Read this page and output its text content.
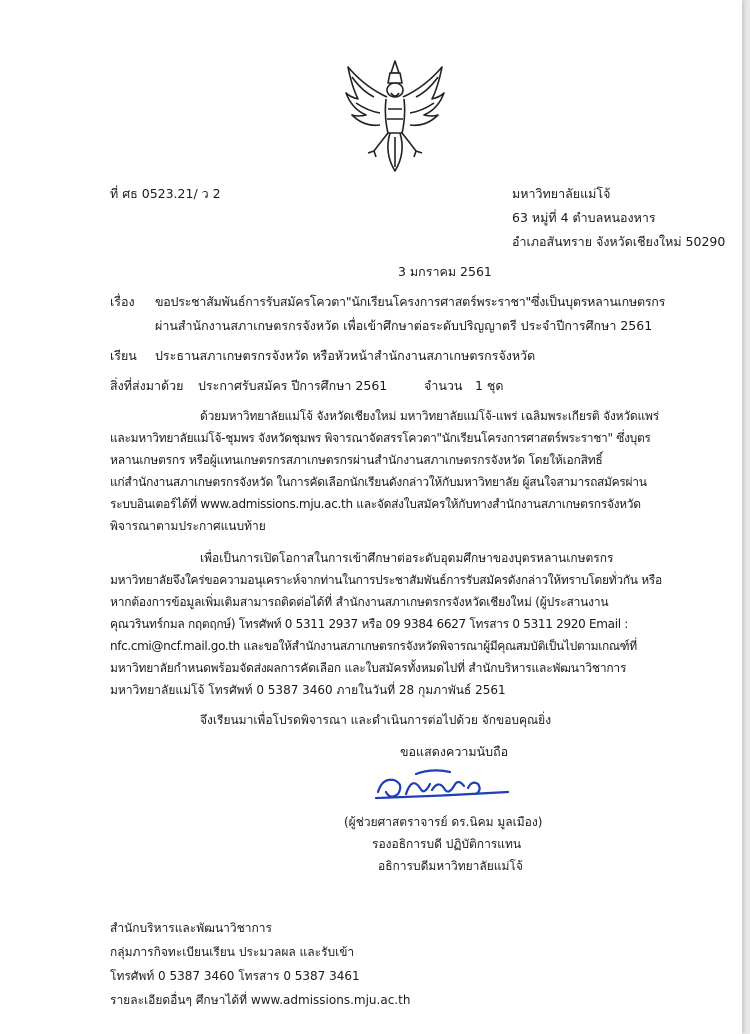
ที่ ศธ 0523.21/ ว 2	มหาวิทยาลัยแม่โจ้
63 หมู่ที่ 4 ตำบลหนองหาร
อำเภอสันทราย จังหวัดเชียงใหม่ 50290
3 มกราคม 2561
เรื่อง ขอประชาสัมพันธ์การรับสมัครโควตา"นักเรียนโครงการศาสตร์พระราชา"ซึ่งเป็นบุตรหลานเกษตรกร
ผ่านสำนักงานสภาเกษตรกรจังหวัด เพื่อเข้าศึกษาต่อระดับปริญญาตรี ประจำปีการศึกษา 2561
เรียน ประธานสภาเกษตรกรจังหวัด หรือหัวหน้าสำนักงานสภาเกษตรกรจังหวัด
สิ่งที่ส่งมาด้วย ประกาศรับสมัคร ปีการศึกษา 2561	จำนวน 1 ชุด
ด้วยมหาวิทยาลัยแม่โจ้ จังหวัดเชียงใหม่ มหาวิทยาลัยแม่โจ้-แพร่ เฉลิมพระเกียรติ จังหวัดแพร่
และมหาวิทยาลัยแม่โจ้-ชุมพร จังหวัดชุมพร พิจารณาจัดสรรโควตา"นักเรียนโครงการศาสตร์พระราชา" ซึ่งบุตร
หลานเกษตรกร หรือผู้แทนเกษตรกรสภาเกษตรกรผ่านสำนักงานสภาเกษตรกรจังหวัด โดยให้เอกสิทธิ์
แก่สำนักงานสภาเกษตรกรจังหวัด ในการคัดเลือกนักเรียนดังกล่าวให้กับมหาวิทยาลัย ผู้สนใจสามารถสมัครผ่าน
ระบบอินเตอร์ได้ที่ www.admissions.mju.ac.th และจัดส่งใบสมัครให้กับทางสำนักงานสภาเกษตรกรจังหวัด
พิจารณาตามประกาศแนบท้าย
เพื่อเป็นการเปิดโอกาสในการเข้าศึกษาต่อระดับอุดมศึกษาของบุตรหลานเกษตรกร
มหาวิทยาลัยจึงใคร่ขอความอนุเคราะห์จากท่านในการประชาสัมพันธ์การรับสมัครดังกล่าวให้ทราบโดยทั่วกัน หรือ
หากต้องการข้อมูลเพิ่มเติมสามารถติดต่อได้ที่ สำนักงานสภาเกษตรกรจังหวัดเชียงใหม่ (ผู้ประสานงาน
คุณวรินทร์กมล กฤตฤกษ์) โทรศัพท์ 0 5311 2937 หรือ 09 9384 6627 โทรสาร 0 5311 2920 Email :
nfc.cmi@ncf.mail.go.th และขอให้สำนักงานสภาเกษตรกรจังหวัดพิจารณาผู้มีคุณสมบัติเป็นไปตามเกณฑ์ที่
มหาวิทยาลัยกำหนดพร้อมจัดส่งผลการคัดเลือก และใบสมัครทั้งหมดไปที่ สำนักบริหารและพัฒนาวิชาการ
มหาวิทยาลัยแม่โจ้ โทรศัพท์ 0 5387 3460 ภายในวันที่ 28 กุมภาพันธ์ 2561
จึงเรียนมาเพื่อโปรดพิจารณา และดำเนินการต่อไปด้วย จักขอบคุณยิ่ง
ขอแสดงความนับถือ
(ผู้ช่วยศาสตราจารย์ ดร.นิคม มูลเมือง)
รองอธิการบดี ปฏิบัติการแทน
อธิการบดีมหาวิทยาลัยแม่โจ้
สำนักบริหารและพัฒนาวิชาการ
กลุ่มภารกิจทะเบียนเรียน ประมวลผล และรับเข้า
โทรศัพท์ 0 5387 3460 โทรสาร 0 5387 3461
รายละเอียดอื่นๆ ศึกษาได้ที่ www.admissions.mju.ac.th
